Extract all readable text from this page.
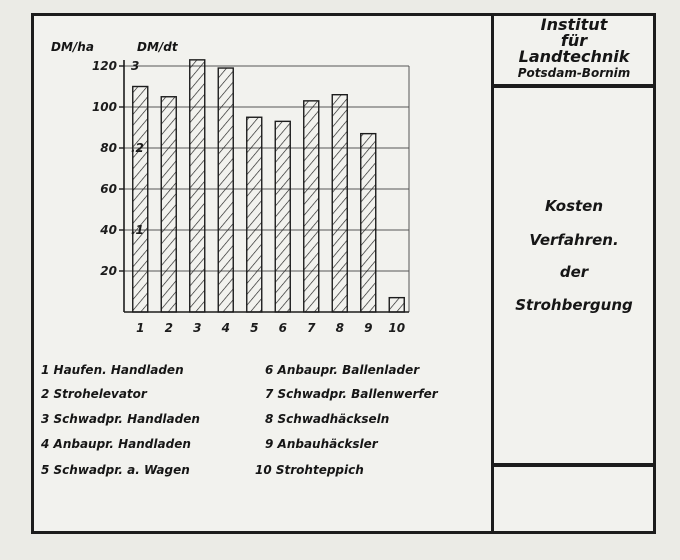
Institut
für
Landtechnik
Potsdam-Bornim
Kosten
Verfahren.
der
Strohbergung
DM/ha	DM/dt
20
40
60
80
100
120
.1
.2
3
1 2 3 4 5 6 7 8 9 10
1 Haufen. Handladen
2 Strohelevator
3 Schwadpr. Handladen
4 Anbaupr. Handladen
5 Schwadpr. a. Wagen
6 Anbaupr. Ballenlader
7 Schwadpr. Ballenwerfer
8 Schwadhäckseln
9 Anbauhäcksler
10 Strohteppich
